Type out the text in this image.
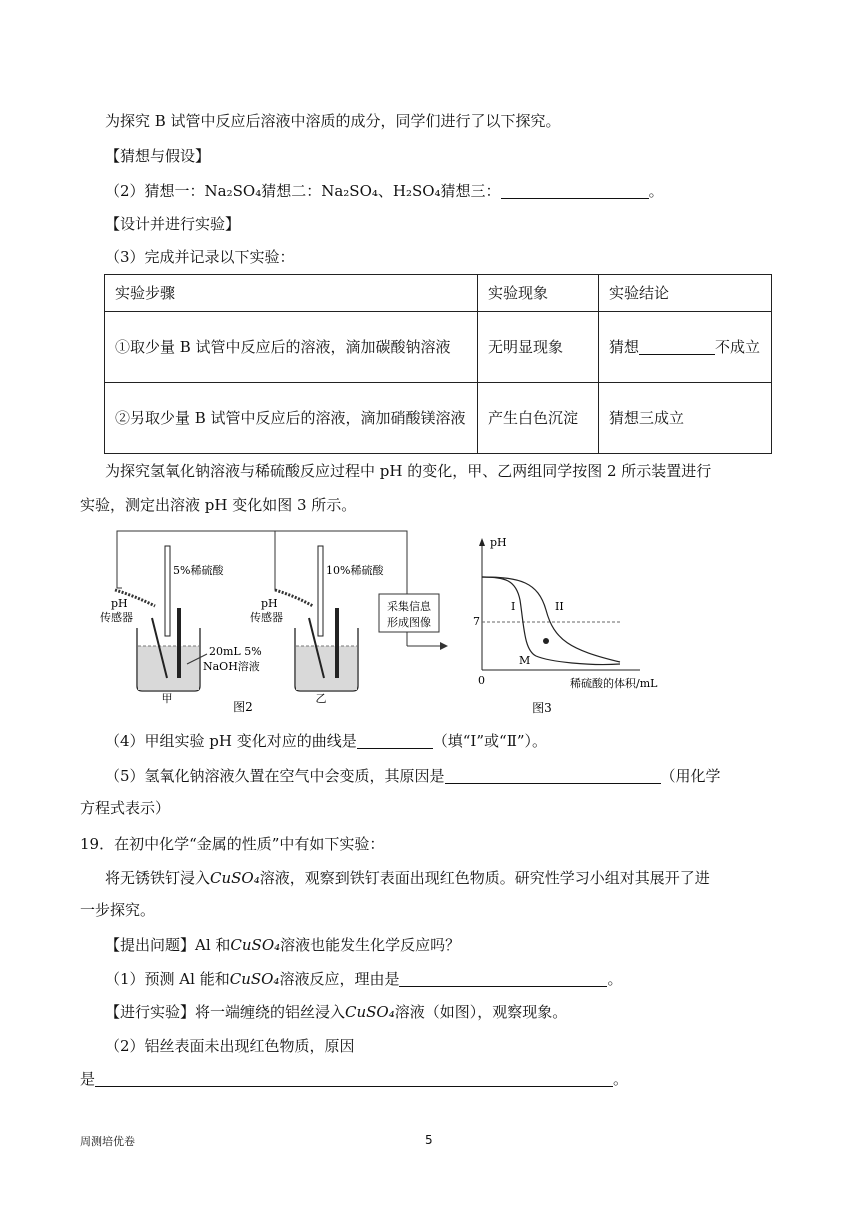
为探究 B 试管中反应后溶液中溶质的成分，同学们进行了以下探究。
【猜想与假设】
（2）猜想一：Na₂SO₄猜想二：Na₂SO₄、H₂SO₄猜想三：	。
【设计并进行实验】
（3）完成并记录以下实验：
实验步骤	实验现象	实验结论
①取少量 B 试管中反应后的溶液，滴加碳酸钠溶液	无明显现象	猜想 不成立
②另取少量 B 试管中反应后的溶液，滴加硝酸镁溶液	产生白色沉淀	猜想三成立
为探究氢氧化钠溶液与稀硫酸反应过程中 pH 的变化，甲、乙两组同学按图 2 所示装置进行
实验，测定出溶液 pH 变化如图 3 所示。
采集信息
形成图像
5%稀硫酸
pH
传感器
甲
10%稀硫酸
pH
传感器
乙
20mL 5%
NaOH溶液
图2
pH
7
0
I	II
M
稀硫酸的体积/mL
图3
（4）甲组实验 pH 变化对应的曲线是	（填“I”或“Ⅱ”）。
（5）氢氧化钠溶液久置在空气中会变质，其原因是	（用化学
方程式表示）
19．在初中化学“金属的性质”中有如下实验：
将无锈铁钉浸入CuSO₄溶液，观察到铁钉表面出现红色物质。研究性学习小组对其展开了进
一步探究。
【提出问题】Al 和CuSO₄溶液也能发生化学反应吗？
（1）预测 Al 能和CuSO₄溶液反应，理由是	。
【进行实验】将一端缠绕的铝丝浸入CuSO₄溶液（如图），观察现象。
（2）铝丝表面未出现红色物质，原因
是	。
周测培优卷	5
